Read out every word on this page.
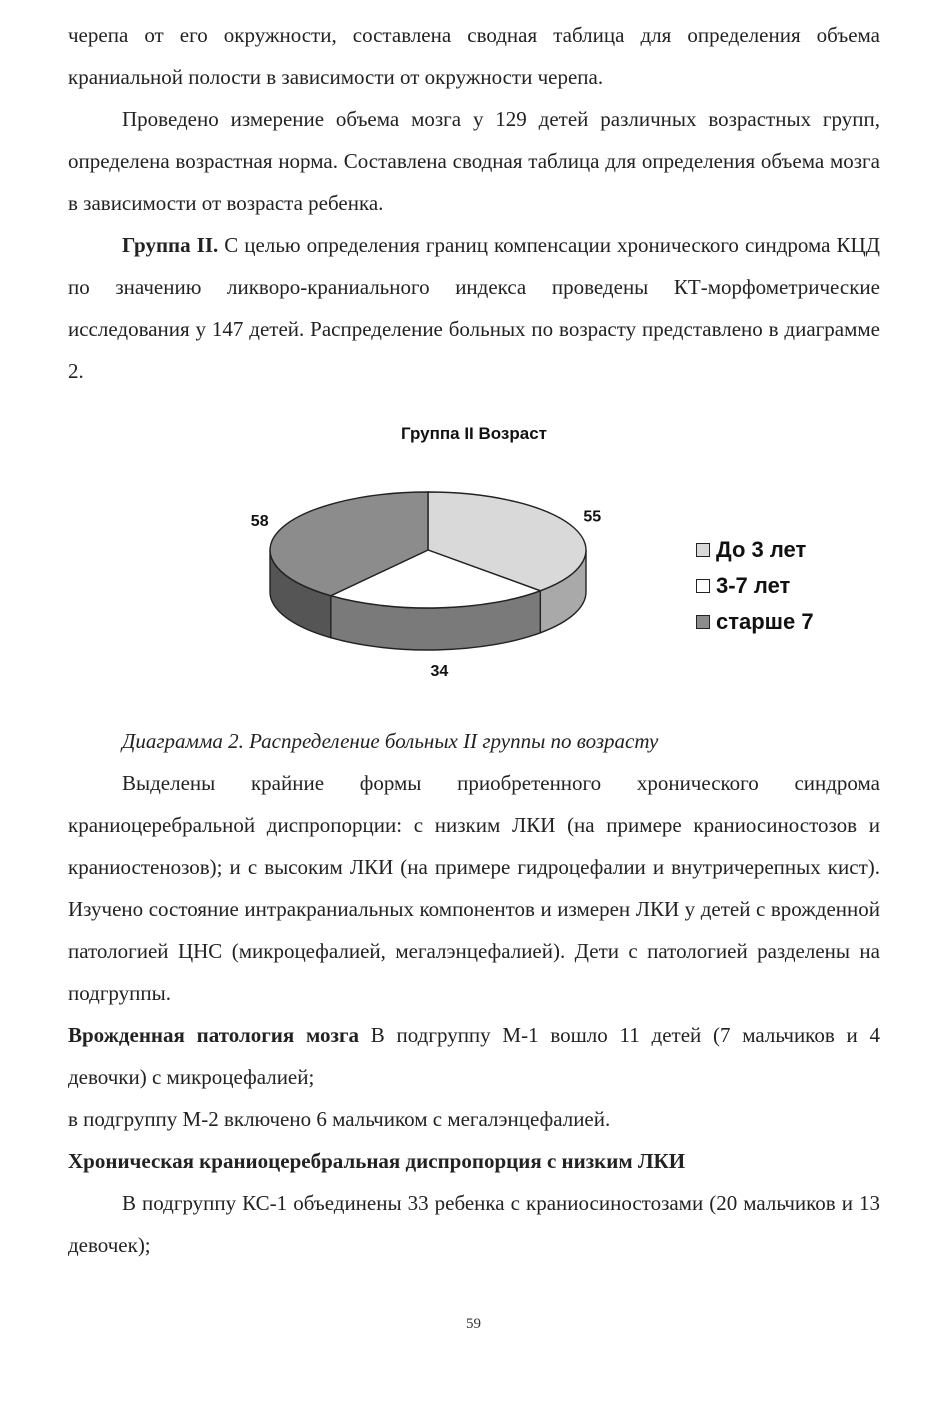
черепа от его окружности, составлена сводная таблица для определения объема краниальной полости в зависимости от окружности черепа.

Проведено измерение объема мозга у 129 детей различных возрастных групп, определена возрастная норма. Составлена сводная таблица для определения объема мозга в зависимости от возраста ребенка.

Группа II. С целью определения границ компенсации хронического синдрома КЦД по значению ликворо-краниального индекса проведены КТ-морфометрические исследования у 147 детей. Распределение больных по возрасту представлено в диаграмме 2.

Группа II Возраст
55
34
58
До 3 лет
3-7 лет
старше 7

Диаграмма 2. Распределение больных II группы по возрасту

Выделены крайние формы приобретенного хронического синдрома краниоцеребральной диспропорции: с низким ЛКИ (на примере краниосиностозов и краниостенозов); и с высоким ЛКИ (на примере гидроцефалии и внутричерепных кист). Изучено состояние интракраниальных компонентов и измерен ЛКИ у детей с врожденной патологией ЦНС (микроцефалией, мегалэнцефалией). Дети с патологией разделены на подгруппы.

Врожденная патология мозга В подгруппу М-1 вошло 11 детей (7 мальчиков и 4 девочки) с микроцефалией;

в подгруппу М-2 включено 6 мальчиком с мегалэнцефалией.

Хроническая краниоцеребральная диспропорция с низким ЛКИ

В подгруппу КС-1 объединены 33 ребенка с краниосиностозами (20 мальчиков и 13 девочек);

59
